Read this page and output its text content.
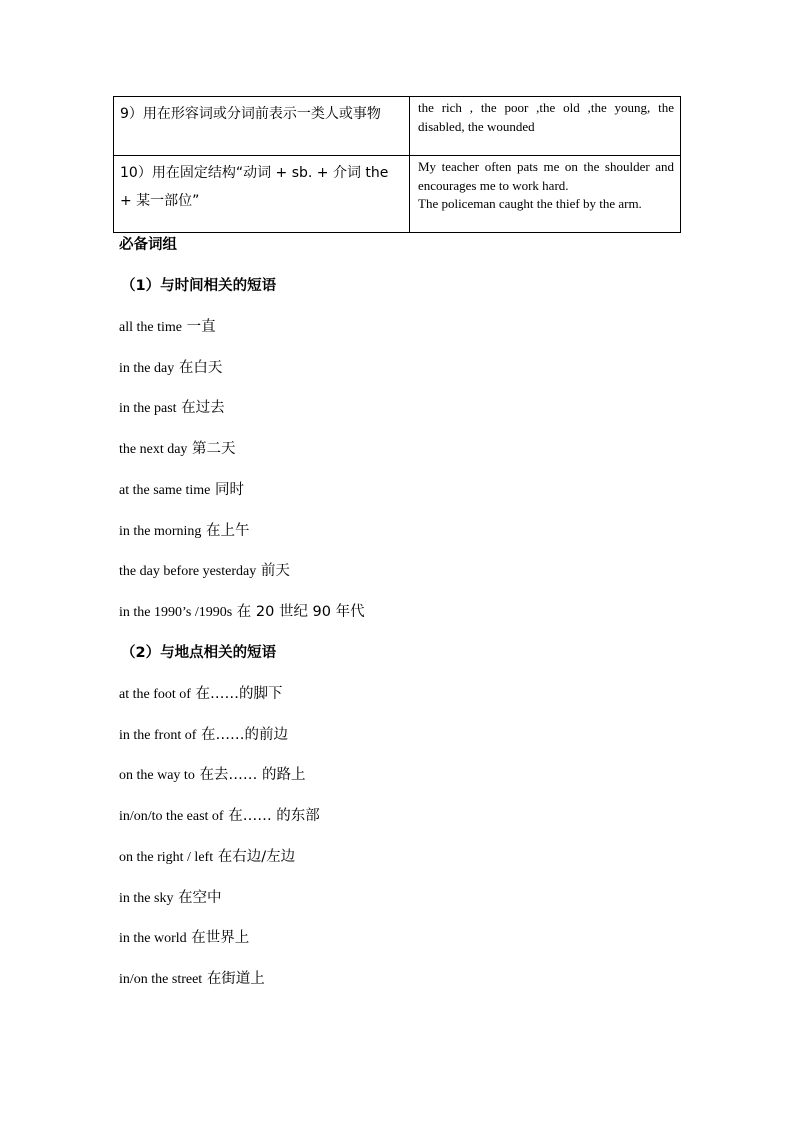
9）用在形容词或分词前表示一类人或事物	the rich , the poor ,the old ,the young, the disabled, the wounded

10）用在固定结构“动词 + sb. + 介词 the + 某一部位”	My teacher often pats me on the shoulder and encourages me to work hard.
The policeman caught the thief by the arm.
必备词组
（1）与时间相关的短语
all the time 一直
in the day 在白天
in the past 在过去
the next day 第二天
at the same time 同时
in the morning 在上午
the day before yesterday 前天
in the 1990’s /1990s 在 20 世纪 90 年代
（2）与地点相关的短语
at the foot of 在……的脚下
in the front of 在……的前边
on the way to 在去…… 的路上
in/on/to the east of 在…… 的东部
on the right / left 在右边/左边
in the sky 在空中
in the world 在世界上
in/on the street 在街道上
